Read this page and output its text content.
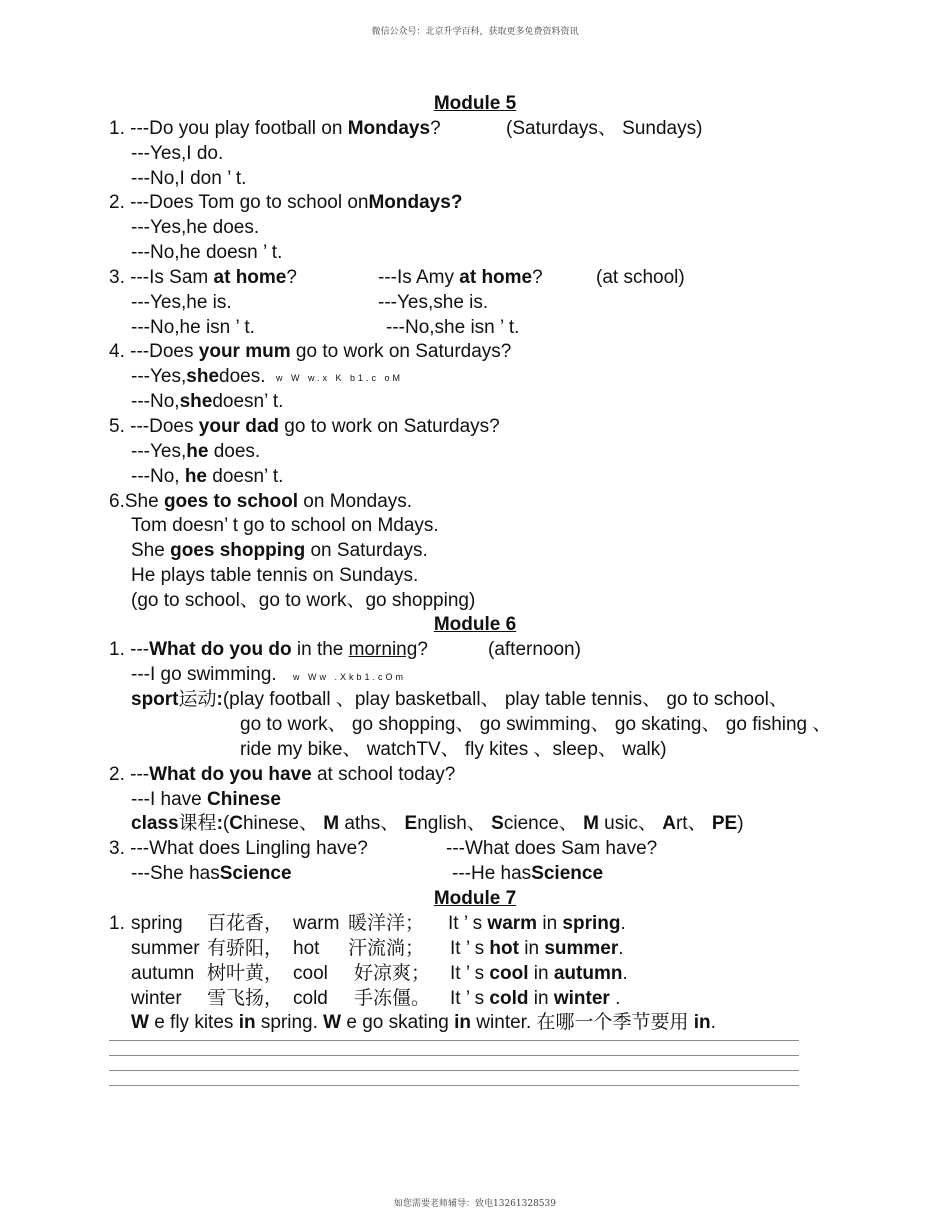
微信公众号：北京升学百科，获取更多免费资料资讯
Module 5
1. ---Do you play football on Mondays?	(Saturdays、 Sundays)
---Yes,I do.
---No,I don ’ t.
2. ---Does Tom go to school onMondays?
---Yes,he does.
---No,he doesn ’ t.
3. ---Is Sam at home?	---Is Amy at home?	(at school)
---Yes,he is.	---Yes,she is.
---No,he isn ’ t.	---No,she isn ’ t.
4. ---Does your mum go to work on Saturdays?
---Yes,shedoes. w W w.x K b1.c oM
---No,shedoesn’ t.
5. ---Does your dad go to work on Saturdays?
---Yes,he does.
---No, he doesn’ t.
6.She goes to school on Mondays.
Tom doesn’ t go to school on Mdays.
She goes shopping on Saturdays.
He plays table tennis on Sundays.
(go to school、go to work、go shopping)
Module 6
1. ---What do you do in the morning?	(afternoon)
---I go swimming. w Ww .Xkb1.cOm
sport运动:(play football 、play basketball、 play table tennis、 go to school、
go to work、 go shopping、 go swimming、 go skating、 go fishing 、
ride my bike、 watchTV、 fly kites 、sleep、 walk)
2. ---What do you have at school today?
---I have Chinese
class课程:(Chinese、 M aths、 English、 Science、 M usic、 Art、 PE)
3. ---What does Lingling have?	---What does Sam have?
---She hasScience	---He hasScience
Module 7
1. spring 百花香， warm 暖洋洋； It ’ s warm in spring.
summer 有骄阳， hot 汗流淌； It ’ s hot in summer.
autumn 树叶黄， cool 好凉爽； It ’ s cool in autumn.
winter 雪飞扬， cold 手冻僵。 It ’ s cold in winter .
W e fly kites in spring. W e go skating in winter. 在哪一个季节要用 in.
如您需要老师辅导：致电13261328539
